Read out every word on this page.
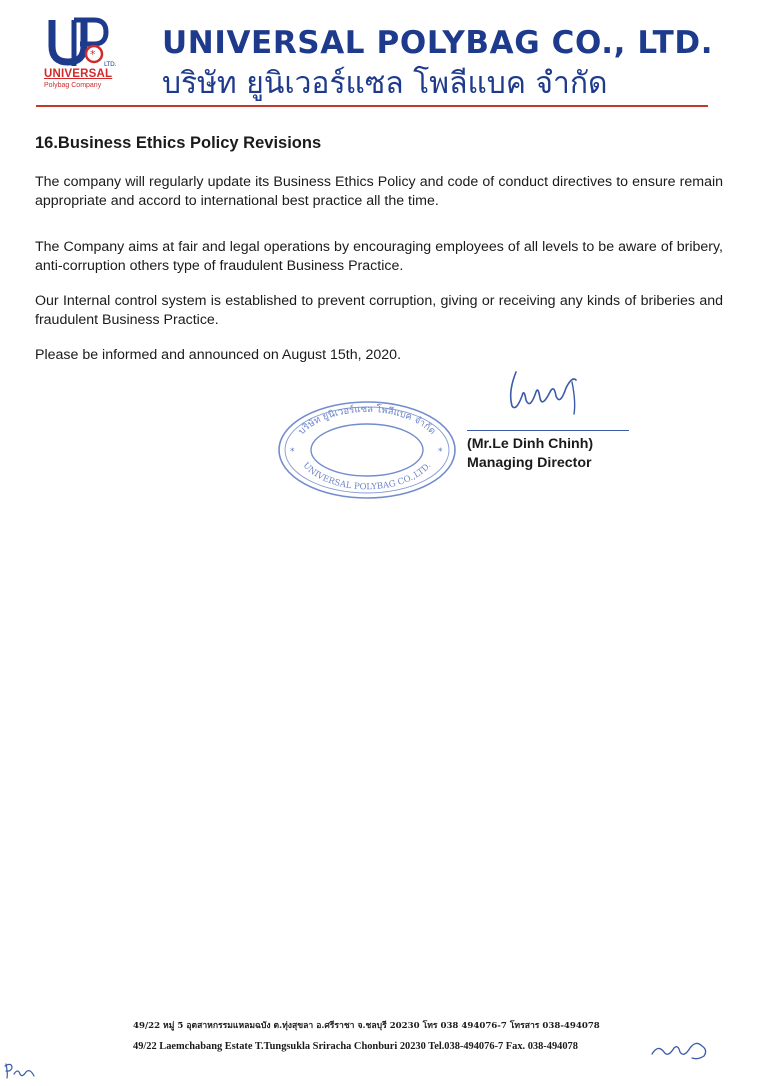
*
LTD.
UNIVERSAL
Polybag Company
UNIVERSAL POLYBAG CO., LTD.
บริษัท ยูนิเวอร์แซล โพลีแบค จำกัด
16.Business Ethics Policy Revisions

The company will regularly update its Business Ethics Policy and code of conduct directives to ensure remain appropriate and accord to international best practice all the time.

The Company aims at fair and legal operations by encouraging employees of all levels to be aware of bribery, anti-corruption others type of fraudulent Business Practice.

Our Internal control system is established to prevent corruption, giving or receiving any kinds of briberies and fraudulent Business Practice.

Please be informed and announced on August 15th, 2020.

(Mr.Le Dinh Chinh)
Managing Director
บริษัท ยูนิเวอร์แซล โพลีแบค จำกัด
UNIVERSAL POLYBAG CO.,LTD.
*	*
49/22 หมู่ 5 อุตสาหกรรมแหลมฉบัง ต.ทุ่งสุขลา อ.ศรีราชา จ.ชลบุรี 20230 โทร 038 494076-7 โทรสาร 038-494078
49/22 Laemchabang Estate T.Tungsukla Sriracha Chonburi 20230 Tel.038-494076-7 Fax. 038-494078
